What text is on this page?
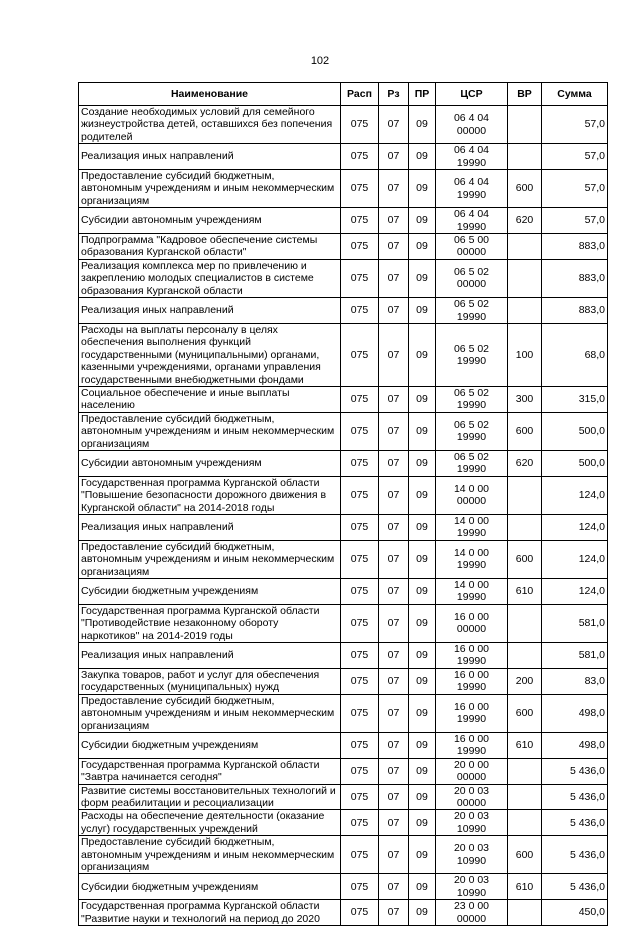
102
Наименование	Расп	Рз	ПР	ЦСР	ВР	Сумма
Создание необходимых условий для семейного жизнеустройства детей, оставшихся без попечения родителей	075	07	09	06 4 04 00000		57,0
Реализация иных направлений	075	07	09	06 4 04 19990		57,0
Предоставление субсидий бюджетным, автономным учреждениям и иным некоммерческим организациям	075	07	09	06 4 04 19990	600	57,0
Субсидии автономным учреждениям	075	07	09	06 4 04 19990	620	57,0
Подпрограмма "Кадровое обеспечение системы образования Курганской области"	075	07	09	06 5 00 00000		883,0
Реализация комплекса мер по привлечению и закреплению молодых специалистов в системе образования Курганской области	075	07	09	06 5 02 00000		883,0
Реализация иных направлений	075	07	09	06 5 02 19990		883,0
Расходы на выплаты персоналу в целях обеспечения выполнения функций государственными (муниципальными) органами, казенными учреждениями, органами управления государственными внебюджетными фондами	075	07	09	06 5 02 19990	100	68,0
Социальное обеспечение и иные выплаты населению	075	07	09	06 5 02 19990	300	315,0
Предоставление субсидий бюджетным, автономным учреждениям и иным некоммерческим организациям	075	07	09	06 5 02 19990	600	500,0
Субсидии автономным учреждениям	075	07	09	06 5 02 19990	620	500,0
Государственная программа Курганской области "Повышение безопасности дорожного движения в Курганской области" на 2014-2018 годы	075	07	09	14 0 00 00000		124,0
Реализация иных направлений	075	07	09	14 0 00 19990		124,0
Предоставление субсидий бюджетным, автономным учреждениям и иным некоммерческим организациям	075	07	09	14 0 00 19990	600	124,0
Субсидии бюджетным учреждениям	075	07	09	14 0 00 19990	610	124,0
Государственная программа Курганской области "Противодействие незаконному обороту наркотиков" на 2014-2019 годы	075	07	09	16 0 00 00000		581,0
Реализация иных направлений	075	07	09	16 0 00 19990		581,0
Закупка товаров, работ и услуг для обеспечения государственных (муниципальных) нужд	075	07	09	16 0 00 19990	200	83,0
Предоставление субсидий бюджетным, автономным учреждениям и иным некоммерческим организациям	075	07	09	16 0 00 19990	600	498,0
Субсидии бюджетным учреждениям	075	07	09	16 0 00 19990	610	498,0
Государственная программа Курганской области "Завтра начинается сегодня"	075	07	09	20 0 00 00000		5 436,0
Развитие системы восстановительных технологий и форм реабилитации и ресоциализации	075	07	09	20 0 03 00000		5 436,0
Расходы на обеспечение деятельности (оказание услуг) государственных учреждений	075	07	09	20 0 03 10990		5 436,0
Предоставление субсидий бюджетным, автономным учреждениям и иным некоммерческим организациям	075	07	09	20 0 03 10990	600	5 436,0
Субсидии бюджетным учреждениям	075	07	09	20 0 03 10990	610	5 436,0
Государственная программа Курганской области "Развитие науки и технологий на период до 2020	075	07	09	23 0 00 00000		450,0
